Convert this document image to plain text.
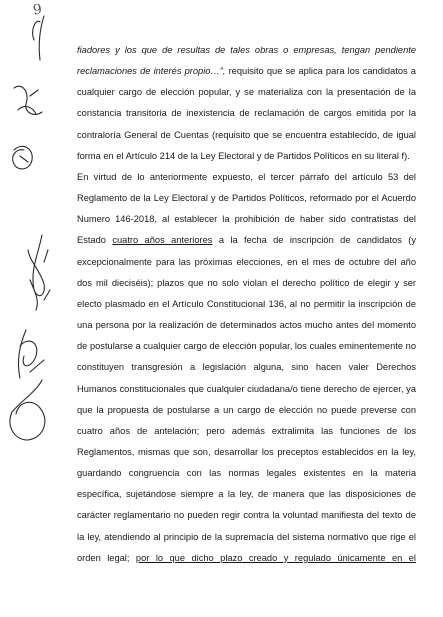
9
fiadores y los que de resultas de tales obras o empresas, tengan pendiente
reclamaciones de interés propio…”, requisito que se aplica para los candidatos a
cualquier cargo de elección popular, y se materializa con la presentación de la
constancia transitoria de inexistencia de reclamación de cargos emitida por la
contraloría General de Cuentas (requisito que se encuentra establecido, de igual
forma en el Artículo 214 de la Ley Electoral y de Partidos Políticos en su literal f).
En virtud de lo anteriormente expuesto, el tercer párrafo del artículo 53 del
Reglamento de la Ley Electoral y de Partidos Políticos, reformado por el Acuerdo
Numero 146-2018, al establecer la prohibición de haber sido contratistas del
Estado cuatro años anteriores a la fecha de inscripción de candidatos (y
excepcionalmente para las próximas elecciones, en el mes de octubre del año
dos mil dieciséis); plazos que no solo violan el derecho político de elegir y ser
electo plasmado en el Artículo Constitucional 136, al no permitir la inscripción de
una persona por la realización de determinados actos mucho antes del momento
de postularse a cualquier cargo de elección popular, los cuales eminentemente no
constituyen transgresión a legislación alguna, sino hacen valer Derechos
Humanos constitucionales que cualquier ciudadana/o tiene derecho de ejercer, ya
que la propuesta de postularse a un cargo de elección no puede preverse con
cuatro años de antelación; pero además extralimita las funciones de los
Reglamentos, mismas que son, desarrollar los preceptos establecidos en la ley,
guardando congruencia con las normas legales existentes en la materia
específica, sujetándose siempre a la ley, de manera que las disposiciones de
carácter reglamentario no pueden regir contra la voluntad manifiesta del texto de
la ley, atendiendo al principio de la supremacía del sistema normativo que rige el
orden legal; por lo que dicho plazo creado y regulado únicamente en el
